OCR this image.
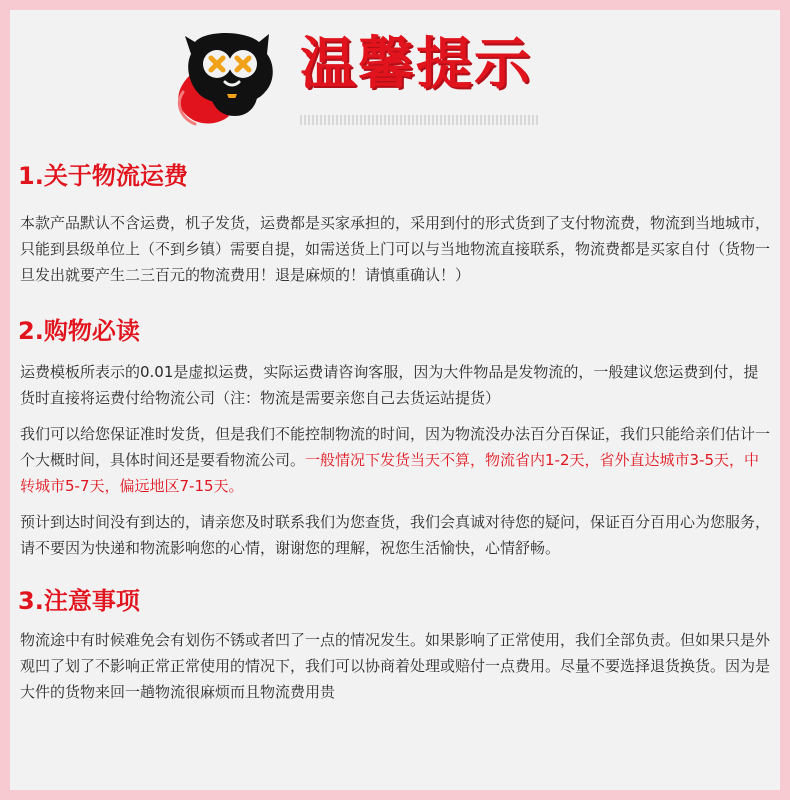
温馨提示
1.关于物流运费

本款产品默认不含运费，机子发货，运费都是买家承担的，采用到付的形式货到了支付物流费，物流到当地城市，只能到县级单位上（不到乡镇）需要自提，如需送货上门可以与当地物流直接联系，物流费都是买家自付（货物一旦发出就要产生二三百元的物流费用！退是麻烦的！请慎重确认！）

2.购物必读

运费模板所表示的0.01是虚拟运费，实际运费请咨询客服，因为大件物品是发物流的，一般建议您运费到付，提货时直接将运费付给物流公司（注：物流是需要亲您自己去货运站提货）

我们可以给您保证准时发货，但是我们不能控制物流的时间，因为物流没办法百分百保证，我们只能给亲们估计一个大概时间，具体时间还是要看物流公司。一般情况下发货当天不算，物流省内1-2天，省外直达城市3-5天，中转城市5-7天，偏远地区7-15天。

预计到达时间没有到达的，请亲您及时联系我们为您查货，我们会真诚对待您的疑问，保证百分百用心为您服务，请不要因为快递和物流影响您的心情，谢谢您的理解，祝您生活愉快，心情舒畅。

3.注意事项

物流途中有时候难免会有划伤不锈或者凹了一点的情况发生。如果影响了正常使用，我们全部负责。但如果只是外观凹了划了不影响正常正常使用的情况下，我们可以协商着处理或赔付一点费用。尽量不要选择退货换货。因为是大件的货物来回一趟物流很麻烦而且物流费用贵
